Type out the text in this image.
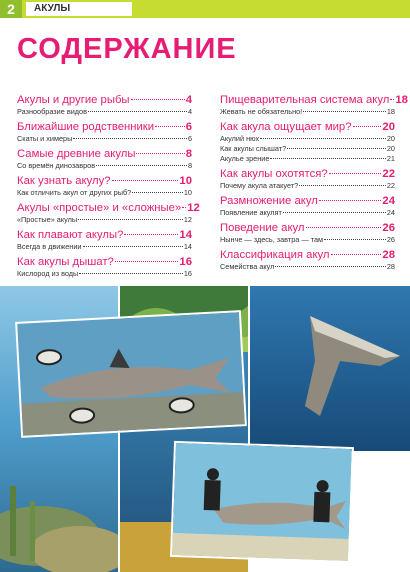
2	АКУЛЫ
СОДЕРЖАНИЕ
Акулы и другие рыбы	4
Разнообразие видов	4
Ближайшие родственники	6
Скаты и химеры	6
Самые древние акулы	8
Со времён динозавров	8
Как узнать акулу?	10
Как отличить акул от других рыб?	10
Акулы «простые» и «сложные» 12
«Простые» акулы	12
Как плавают акулы?	14
Всегда в движении	14
Как акулы дышат?	16
Кислород из воды	16
Пищеварительная система акул 18
Жевать не обязательно!	18
Как акула ощущает мир?	20
Акулий нюх	20
Как акулы слышат?	20
Акулье зрение	21
Как акулы охотятся?	22
Почему акула атакует?	22
Размножение акул	24
Появление акулят	24
Поведение акул	26
Нынче — здесь, завтра — там	26
Классификация акул	28
Семейства акул	28
